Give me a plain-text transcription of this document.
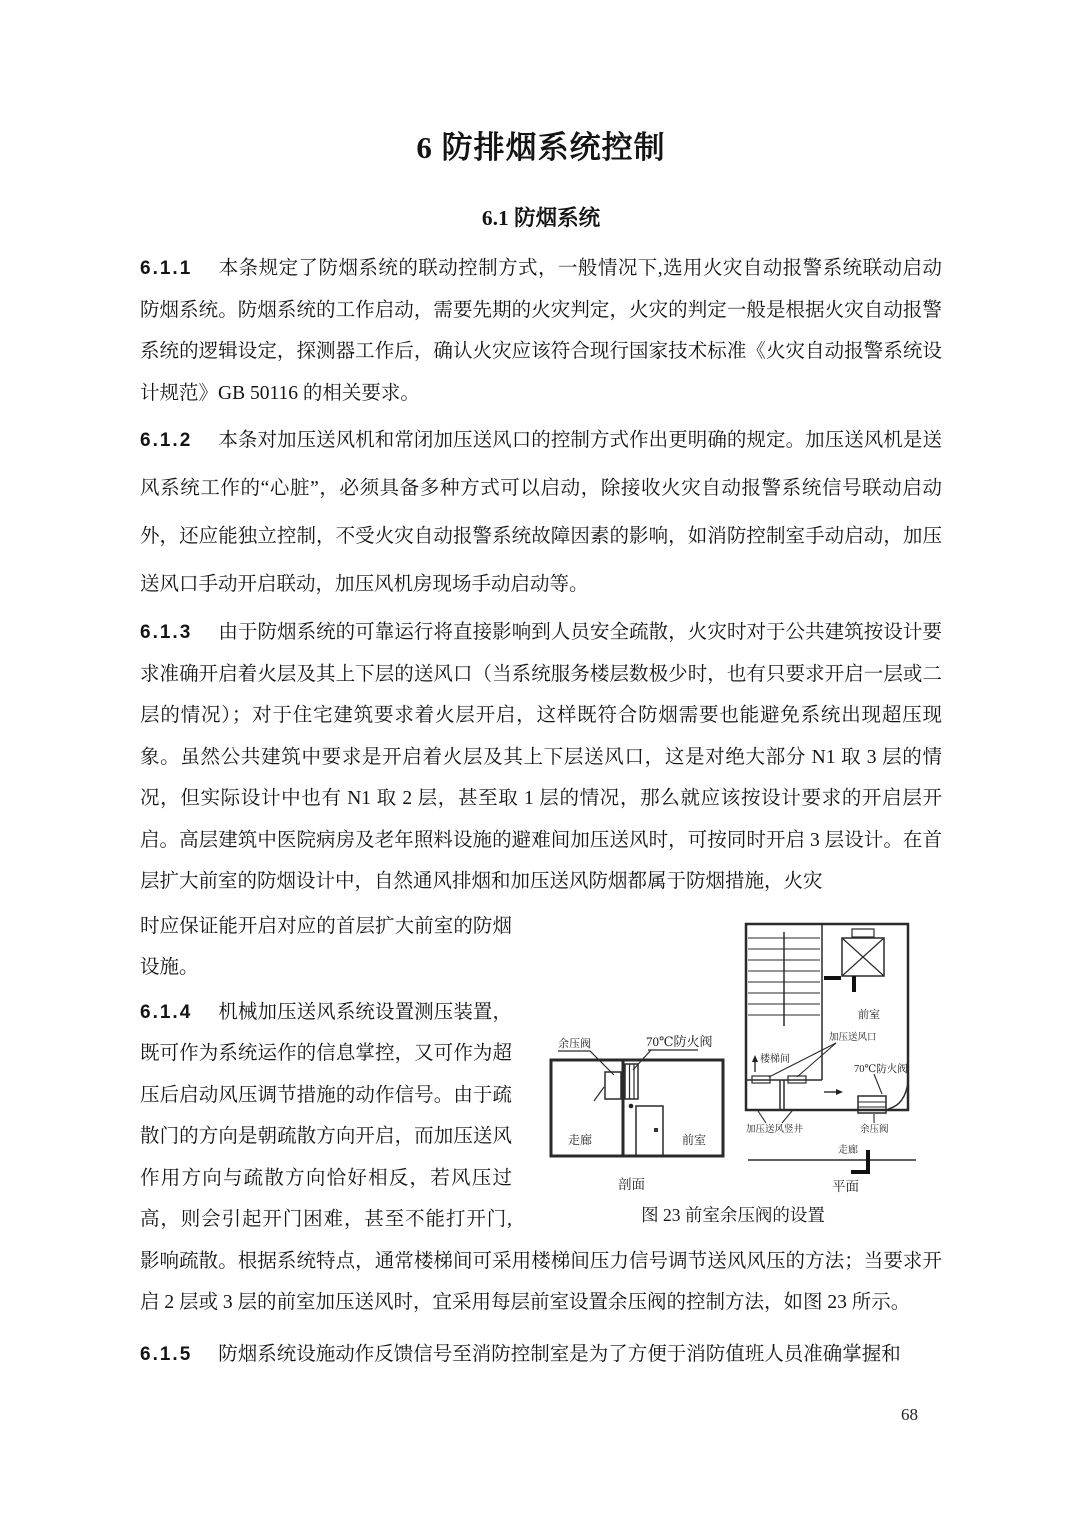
6 防排烟系统控制
6.1 防烟系统

6.1.1 本条规定了防烟系统的联动控制方式，一般情况下,选用火灾自动报警系统联动启动防烟系统。防烟系统的工作启动，需要先期的火灾判定，火灾的判定一般是根据火灾自动报警系统的逻辑设定，探测器工作后，确认火灾应该符合现行国家技术标准《火灾自动报警系统设计规范》GB 50116 的相关要求。

6.1.2 本条对加压送风机和常闭加压送风口的控制方式作出更明确的规定。加压送风机是送风系统工作的“心脏”，必须具备多种方式可以启动，除接收火灾自动报警系统信号联动启动外，还应能独立控制，不受火灾自动报警系统故障因素的影响，如消防控制室手动启动，加压送风口手动开启联动，加压风机房现场手动启动等。

6.1.3 由于防烟系统的可靠运行将直接影响到人员安全疏散，火灾时对于公共建筑按设计要求准确开启着火层及其上下层的送风口（当系统服务楼层数极少时，也有只要求开启一层或二层的情况）；对于住宅建筑要求着火层开启，这样既符合防烟需要也能避免系统出现超压现象。虽然公共建筑中要求是开启着火层及其上下层送风口，这是对绝大部分 N1 取 3 层的情况，但实际设计中也有 N1 取 2 层，甚至取 1 层的情况，那么就应该按设计要求的开启层开启。高层建筑中医院病房及老年照料设施的避难间加压送风时，可按同时开启 3 层设计。在首层扩大前室的防烟设计中，自然通风排烟和加压送风防烟都属于防烟措施，火灾

余压阀	70℃防火阀
走廊	前室
剖面
前室
加压送风口
楼梯间
70℃防火阀
加压送风竖井	余压阀
走廊
平面
图 23 前室余压阀的设置

时应保证能开启对应的首层扩大前室的防烟设施。

6.1.4 机械加压送风系统设置测压装置，既可作为系统运作的信息掌控，又可作为超压后启动风压调节措施的动作信号。由于疏散门的方向是朝疏散方向开启，而加压送风作用方向与疏散方向恰好相反，若风压过高，则会引起开门困难，甚至不能打开门,影响疏散。根据系统特点，通常楼梯间可采用楼梯间压力信号调节送风风压的方法；当要求开启 2 层或 3 层的前室加压送风时，宜采用每层前室设置余压阀的控制方法，如图 23 所示。

6.1.5 防烟系统设施动作反馈信号至消防控制室是为了方便于消防值班人员准确掌握和

68
